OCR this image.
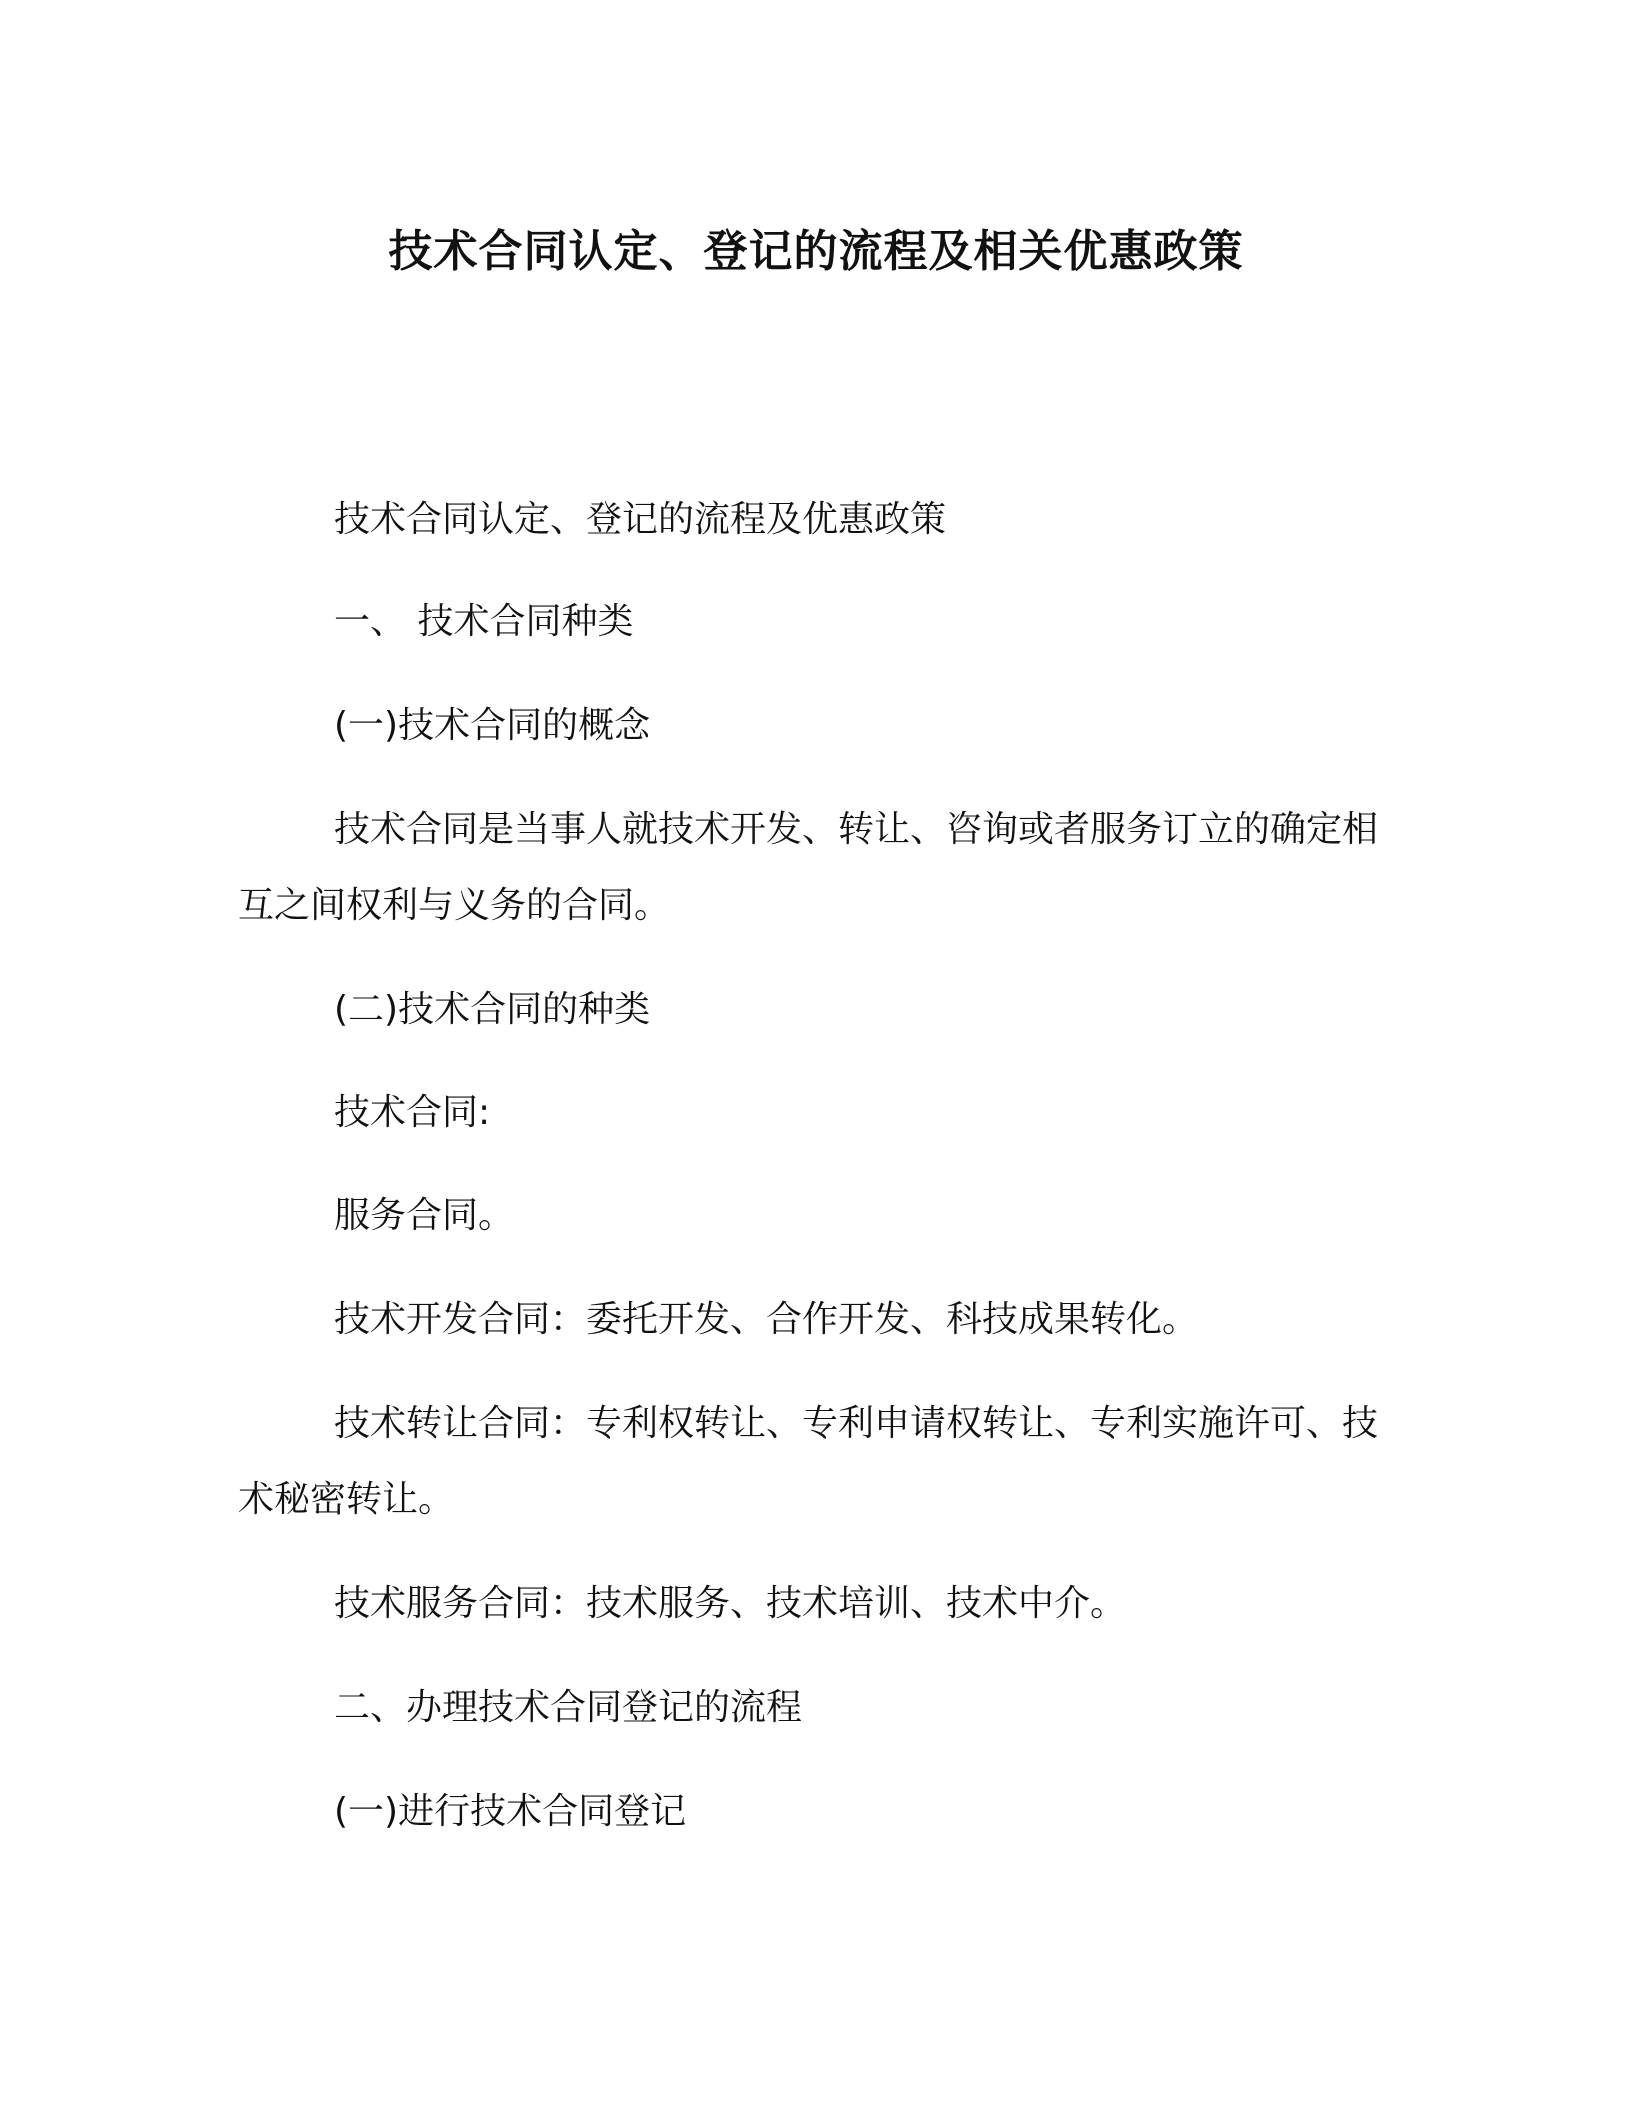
技术合同认定、登记的流程及相关优惠政策

技术合同认定、登记的流程及优惠政策

一、 技术合同种类

(一)技术合同的概念

技术合同是当事人就技术开发、转让、咨询或者服务订立的确定相互之间权利与义务的合同。

(二)技术合同的种类

技术合同:

服务合同。

技术开发合同：委托开发、合作开发、科技成果转化。

技术转让合同：专利权转让、专利申请权转让、专利实施许可、技术秘密转让。

技术服务合同：技术服务、技术培训、技术中介。

二、办理技术合同登记的流程

(一)进行技术合同登记
